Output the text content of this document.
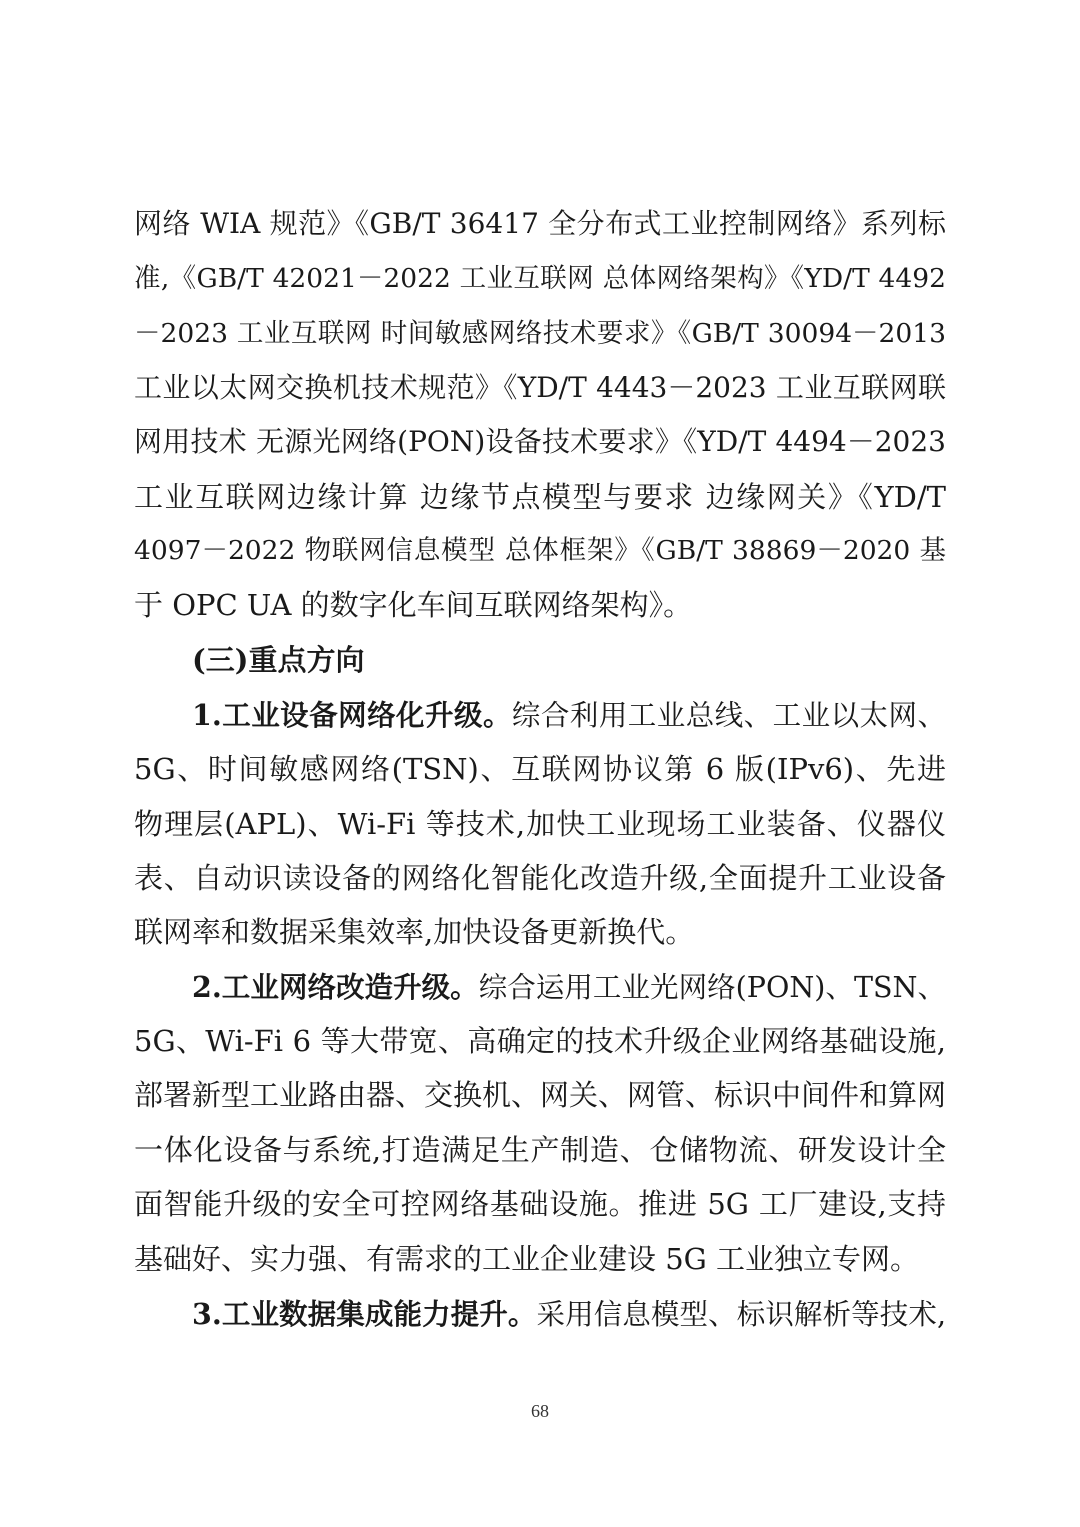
网络 WIA 规范》《GB/T 36417 全分布式工业控制网络》系列标
准,《GB/T 42021－2022 工业互联网 总体网络架构》《YD/T 4492
－2023 工业互联网 时间敏感网络技术要求》《GB/T 30094－2013
工业以太网交换机技术规范》《YD/T 4443－2023 工业互联网联
网用技术 无源光网络(PON)设备技术要求》《YD/T 4494－2023
工业互联网边缘计算 边缘节点模型与要求 边缘网关》《YD/T
4097－2022 物联网信息模型 总体框架》《GB/T 38869－2020 基
于 OPC UA 的数字化车间互联网络架构》。
(三)重点方向
1.工业设备网络化升级。综合利用工业总线、工业以太网、
5G、时间敏感网络(TSN)、互联网协议第 6 版(IPv6)、先进
物理层(APL)、Wi-Fi 等技术,加快工业现场工业装备、仪器仪
表、自动识读设备的网络化智能化改造升级,全面提升工业设备
联网率和数据采集效率,加快设备更新换代。
2.工业网络改造升级。综合运用工业光网络(PON)、TSN、
5G、Wi-Fi 6 等大带宽、高确定的技术升级企业网络基础设施,
部署新型工业路由器、交换机、网关、网管、标识中间件和算网
一体化设备与系统,打造满足生产制造、仓储物流、研发设计全
面智能升级的安全可控网络基础设施。推进 5G 工厂建设,支持
基础好、实力强、有需求的工业企业建设 5G 工业独立专网。
3.工业数据集成能力提升。采用信息模型、标识解析等技术,
68
